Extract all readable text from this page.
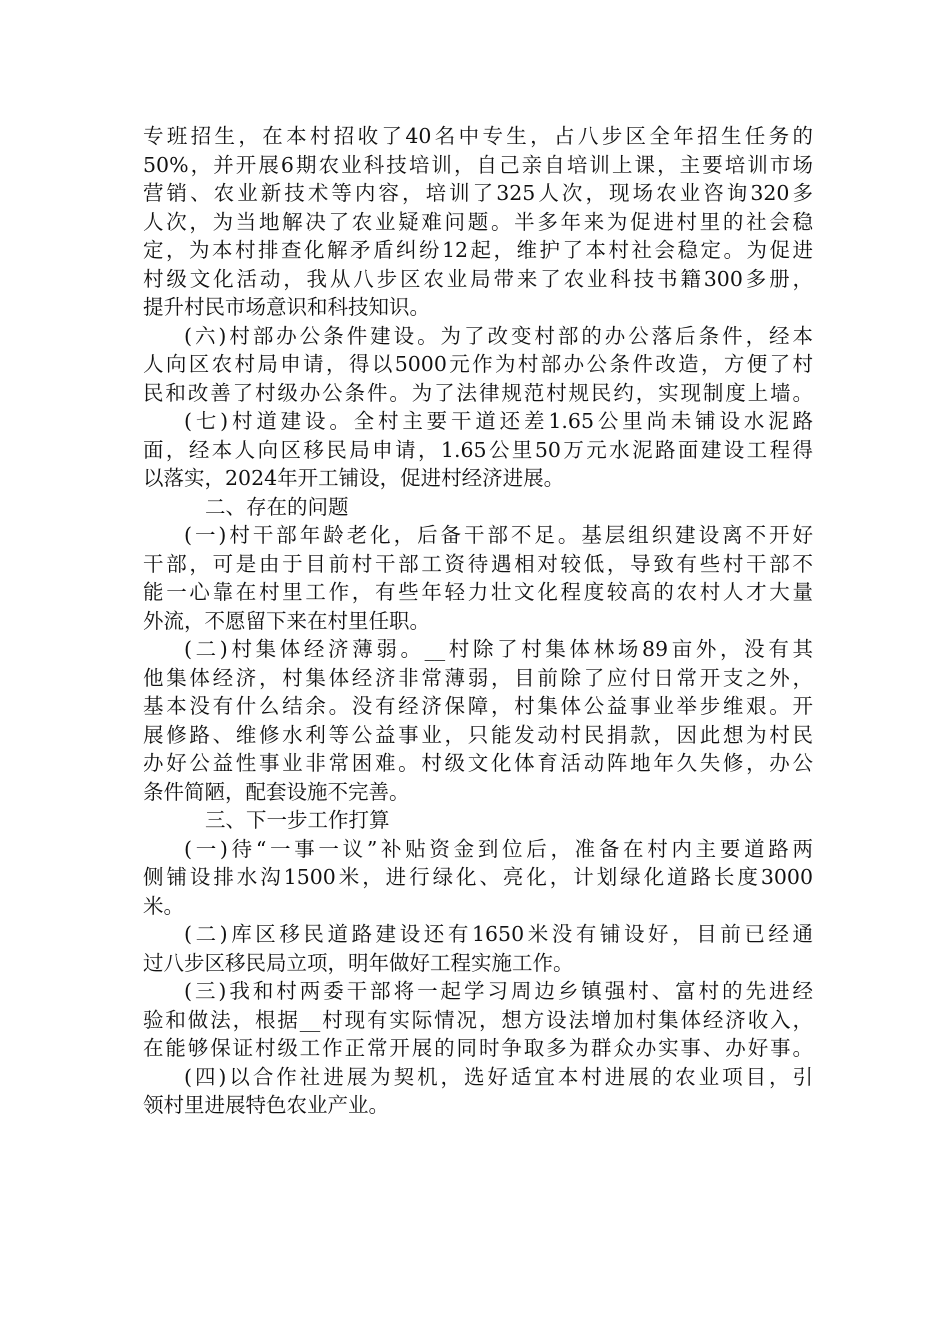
专班招生，在本村招收了40名中专生，占八步区全年招生任务的
50%，并开展6期农业科技培训，自己亲自培训上课，主要培训市场
营销、农业新技术等内容，培训了325人次，现场农业咨询320多
人次，为当地解决了农业疑难问题。半多年来为促进村里的社会稳
定，为本村排查化解矛盾纠纷12起，维护了本村社会稳定。为促进
村级文化活动，我从八步区农业局带来了农业科技书籍300多册，
提升村民市场意识和科技知识。
(六)村部办公条件建设。为了改变村部的办公落后条件，经本
人向区农村局申请，得以5000元作为村部办公条件改造，方便了村
民和改善了村级办公条件。为了法律规范村规民约，实现制度上墙。
(七)村道建设。全村主要干道还差1.65公里尚未铺设水泥路
面，经本人向区移民局申请，1.65公里50万元水泥路面建设工程得
以落实，2024年开工铺设，促进村经济进展。
二、存在的问题
(一)村干部年龄老化，后备干部不足。基层组织建设离不开好
干部，可是由于目前村干部工资待遇相对较低，导致有些村干部不
能一心靠在村里工作，有些年轻力壮文化程度较高的农村人才大量
外流，不愿留下来在村里任职。
(二)村集体经济薄弱。__村除了村集体林场89亩外，没有其
他集体经济，村集体经济非常薄弱，目前除了应付日常开支之外，
基本没有什么结余。没有经济保障，村集体公益事业举步维艰。开
展修路、维修水利等公益事业，只能发动村民捐款，因此想为村民
办好公益性事业非常困难。村级文化体育活动阵地年久失修，办公
条件简陋，配套设施不完善。
三、下一步工作打算
(一)待“一事一议”补贴资金到位后，准备在村内主要道路两
侧铺设排水沟1500米，进行绿化、亮化，计划绿化道路长度3000
米。
(二)库区移民道路建设还有1650米没有铺设好，目前已经通
过八步区移民局立项，明年做好工程实施工作。
(三)我和村两委干部将一起学习周边乡镇强村、富村的先进经
验和做法，根据__村现有实际情况，想方设法增加村集体经济收入，
在能够保证村级工作正常开展的同时争取多为群众办实事、办好事。
(四)以合作社进展为契机，选好适宜本村进展的农业项目，引
领村里进展特色农业产业。
